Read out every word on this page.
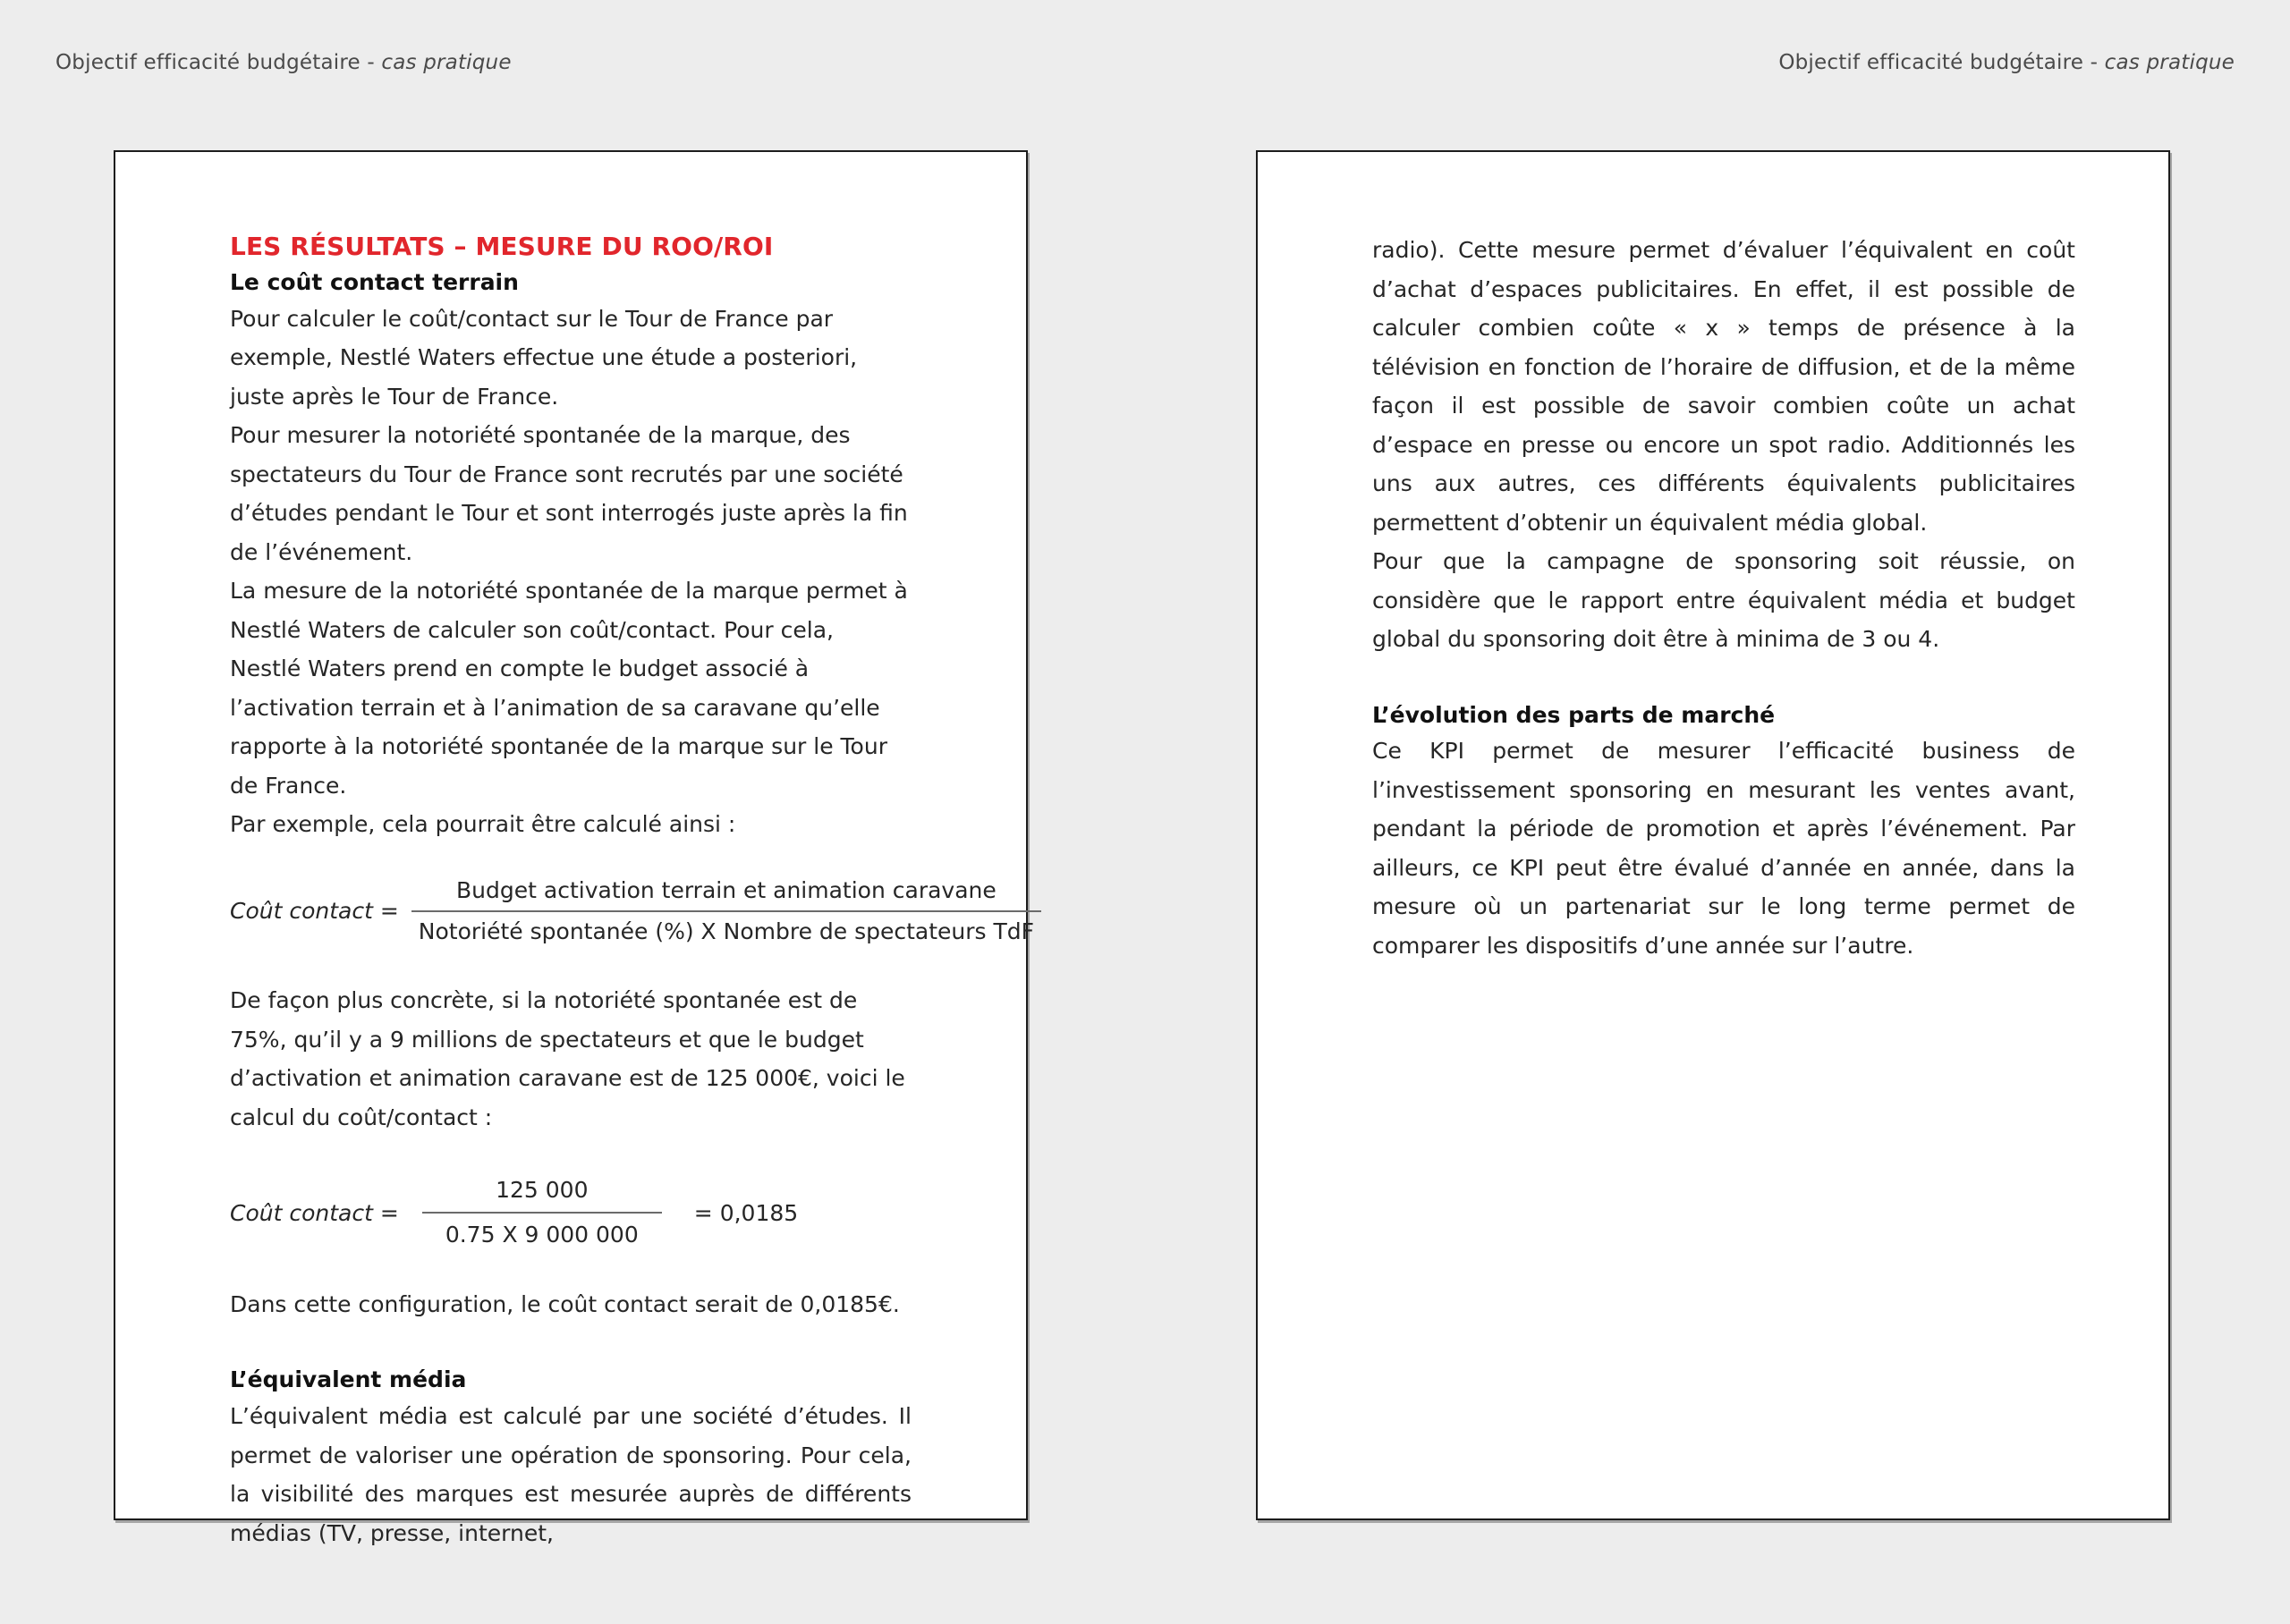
Objectif efficacité budgétaire - cas pratique	Objectif efficacité budgétaire - cas pratique
LES RÉSULTATS – MESURE DU ROO/ROI
Le coût contact terrain

Pour calculer le coût/contact sur le Tour de France par exemple, Nestlé Waters effectue une étude a posteriori, juste après le Tour de France.

Pour mesurer la notoriété spontanée de la marque, des spectateurs du Tour de France sont recrutés par une société d’études pendant le Tour et sont interrogés juste après la fin de l’événement.

La mesure de la notoriété spontanée de la marque permet à Nestlé Waters de calculer son coût/contact. Pour cela, Nestlé Waters prend en compte le budget associé à l’activation terrain et à l’animation de sa caravane qu’elle rapporte à la notoriété spontanée de la marque sur le Tour de France.

Par exemple, cela pourrait être calculé ainsi :

Coût contact = $\frac{\text{Budget activation terrain et animation caravane}}{\text{Notoriété spontanée (\%) X Nombre de spectateurs TdF}}$

De façon plus concrète, si la notoriété spontanée est de 75%, qu’il y a 9 millions de spectateurs et que le budget d’activation et animation caravane est de 125 000€, voici le calcul du coût/contact :

Coût contact = $\frac{125 000}{0.75 X 9 000 000} = 0,0185$

Dans cette configuration, le coût contact serait de 0,0185€.

L’équivalent média

L’équivalent média est calculé par une société d’études. Il permet de valoriser une opération de sponsoring. Pour cela, la visibilité des marques est mesurée auprès de différents médias (TV, presse, internet,

radio). Cette mesure permet d’évaluer l’équivalent en coût d’achat d’espaces publicitaires. En effet, il est possible de calculer combien coûte « x » temps de présence à la télévision en fonction de l’horaire de diffusion, et de la même façon il est possible de savoir combien coûte un achat d’espace en presse ou encore un spot radio. Additionnés les uns aux autres, ces différents équivalents publicitaires permettent d’obtenir un équivalent média global.

Pour que la campagne de sponsoring soit réussie, on considère que le rapport entre équivalent média et budget global du sponsoring doit être à minima de 3 ou 4.

L’évolution des parts de marché

Ce KPI permet de mesurer l’efficacité business de l’investissement sponsoring en mesurant les ventes avant, pendant la période de promotion et après l’événement. Par ailleurs, ce KPI peut être évalué d’année en année, dans la mesure où un partenariat sur le long terme permet de comparer les dispositifs d’une année sur l’autre.
